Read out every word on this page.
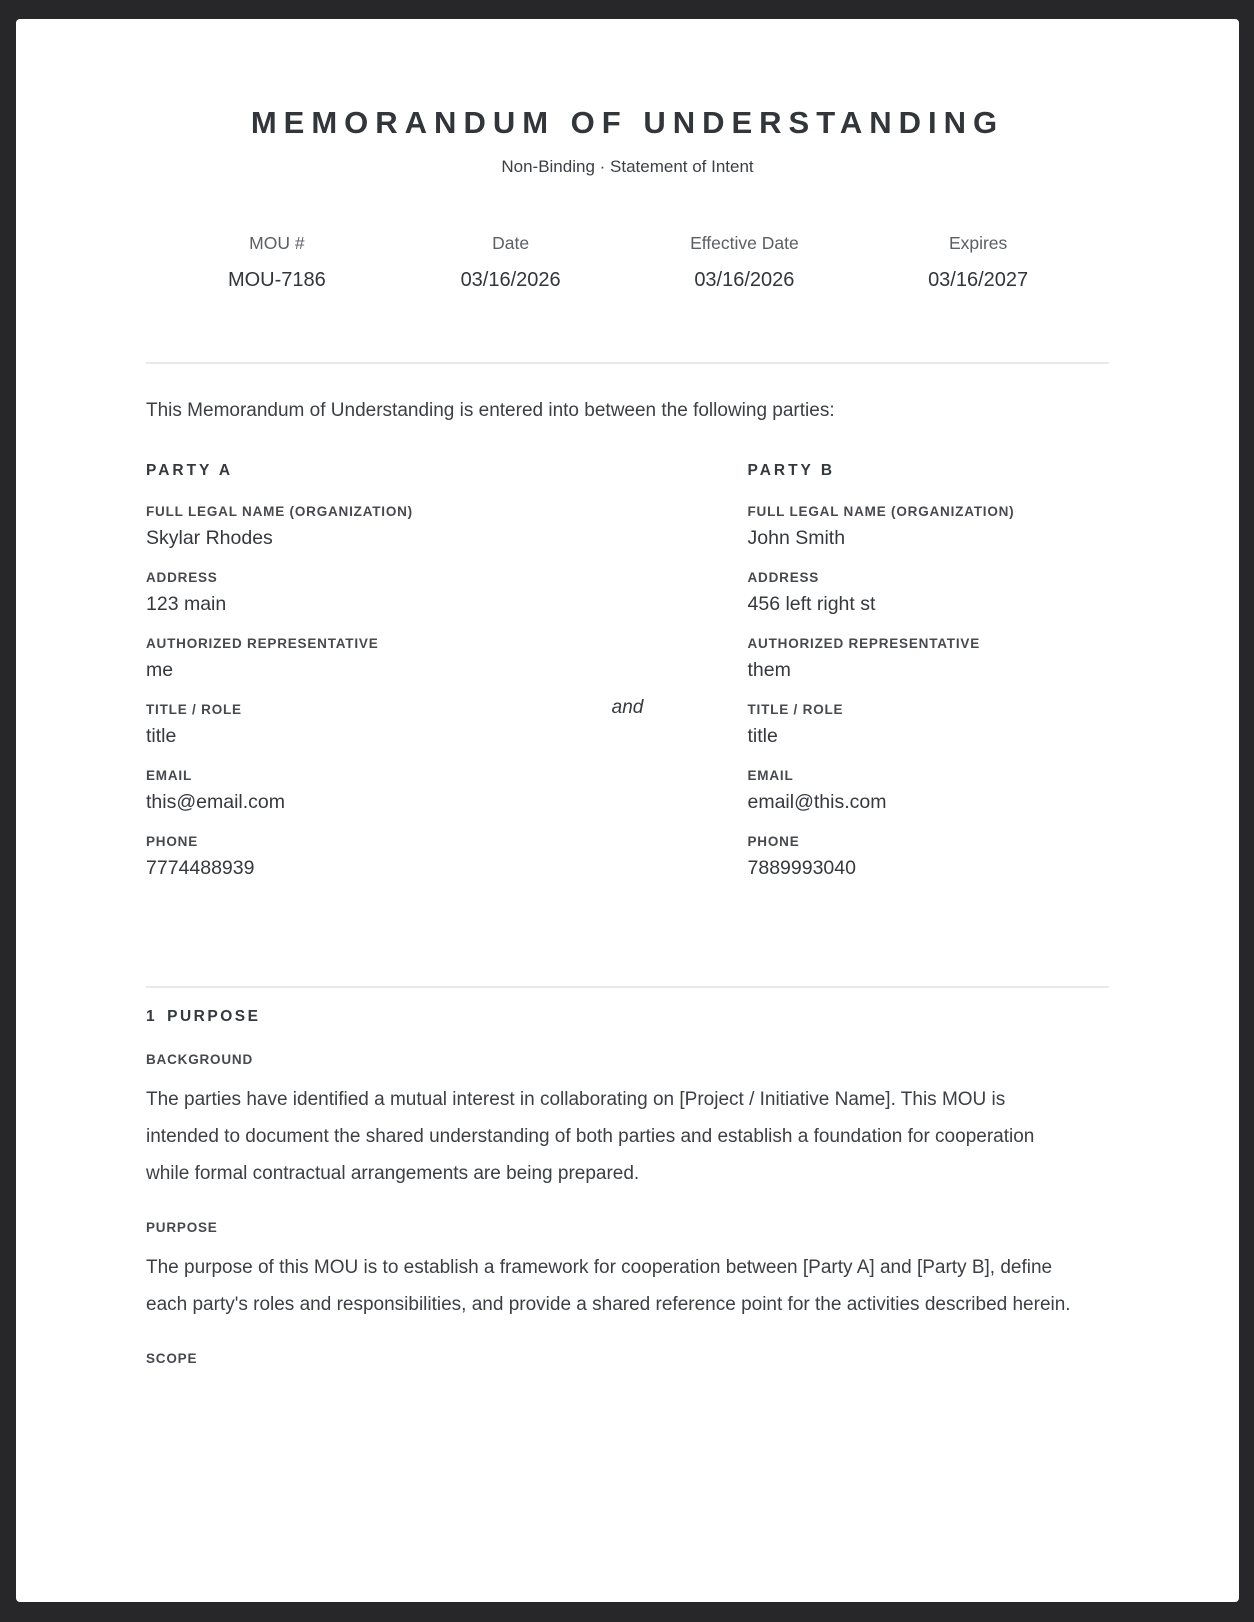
MEMORANDUM OF UNDERSTANDING
Non-Binding · Statement of Intent
MOU #
MOU-7186
Date
03/16/2026
Effective Date
03/16/2026
Expires
03/16/2027

This Memorandum of Understanding is entered into between the following parties:

PARTY A
FULL LEGAL NAME (ORGANIZATION)
Skylar Rhodes
ADDRESS
123 main
AUTHORIZED REPRESENTATIVE
me
TITLE / ROLE
title
EMAIL
this@email.com
PHONE
7774488939
and
PARTY B
FULL LEGAL NAME (ORGANIZATION)
John Smith
ADDRESS
456 left right st
AUTHORIZED REPRESENTATIVE
them
TITLE / ROLE
title
EMAIL
email@this.com
PHONE
7889993040
1 PURPOSE
BACKGROUND

The parties have identified a mutual interest in collaborating on [Project / Initiative Name]. This MOU is intended to document the shared understanding of both parties and establish a foundation for cooperation while formal contractual arrangements are being prepared.

PURPOSE

The purpose of this MOU is to establish a framework for cooperation between [Party A] and [Party B], define each party's roles and responsibilities, and provide a shared reference point for the activities described herein.

SCOPE
